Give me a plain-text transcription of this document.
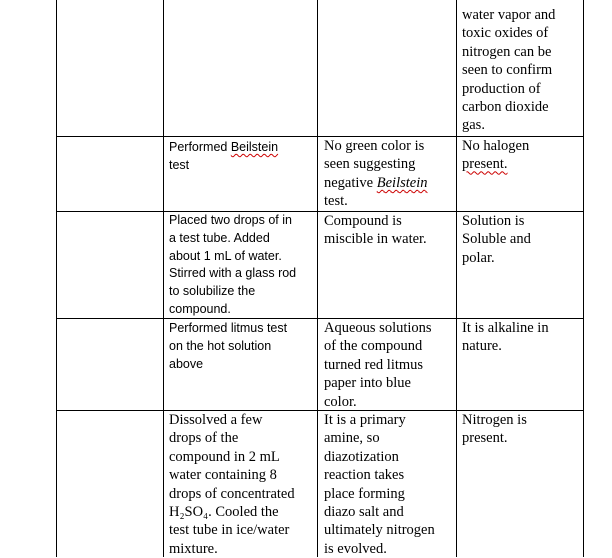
water vapor and
toxic oxides of
nitrogen can be
seen to confirm
production of
carbon dioxide
gas.
Performed Beilstein
test
No green color is
seen suggesting
negative Beilstein
test.
No halogen
present.
Placed two drops of in
a test tube. Added
about 1 mL of water.
Stirred with a glass rod
to solubilize the
compound.
Compound is
miscible in water.
Solution is
Soluble and
polar.
Performed litmus test
on the hot solution
above
Aqueous solutions
of the compound
turned red litmus
paper into blue
color.
It is alkaline in
nature.
Dissolved a few
drops of the
compound in 2 mL
water containing 8
drops of concentrated
H₂SO₄. Cooled the
test tube in ice/water
mixture.
It is a primary
amine, so
diazotization
reaction takes
place forming
diazo salt and
ultimately nitrogen
is evolved.
Nitrogen is
present.
